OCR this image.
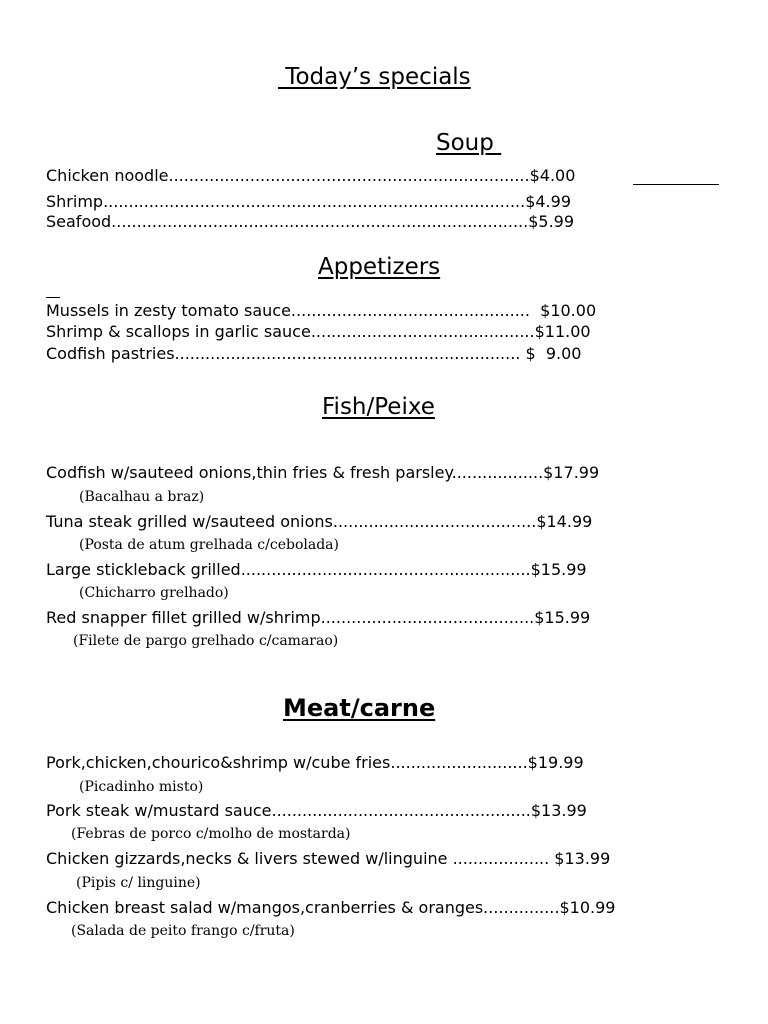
Today’s specials
Soup
Chicken noodle.......................................................................$4.00
Shrimp...................................................................................$4.99
Seafood..................................................................................$5.99
Appetizers
Mussels in zesty tomato sauce...............................................  $10.00
Shrimp & scallops in garlic sauce............................................$11.00
Codfish pastries.................................................................... $  9.00
Fish/Peixe
Codfish w/sauteed onions,thin fries & fresh parsley..................$17.99
(Bacalhau a braz)
Tuna steak grilled w/sauteed onions........................................$14.99
(Posta de atum grelhada c/cebolada)
Large stickleback grilled.........................................................$15.99
(Chicharro grelhado)
Red snapper fillet grilled w/shrimp..........................................$15.99
(Filete de pargo grelhado c/camarao)
Meat/carne
Pork,chicken,chourico&shrimp w/cube fries...........................$19.99
(Picadinho misto)
Pork steak w/mustard sauce...................................................$13.99
(Febras de porco c/molho de mostarda)
Chicken gizzards,necks & livers stewed w/linguine ................... $13.99
(Pipis c/ linguine)
Chicken breast salad w/mangos,cranberries & oranges...............$10.99
(Salada de peito frango c/fruta)
